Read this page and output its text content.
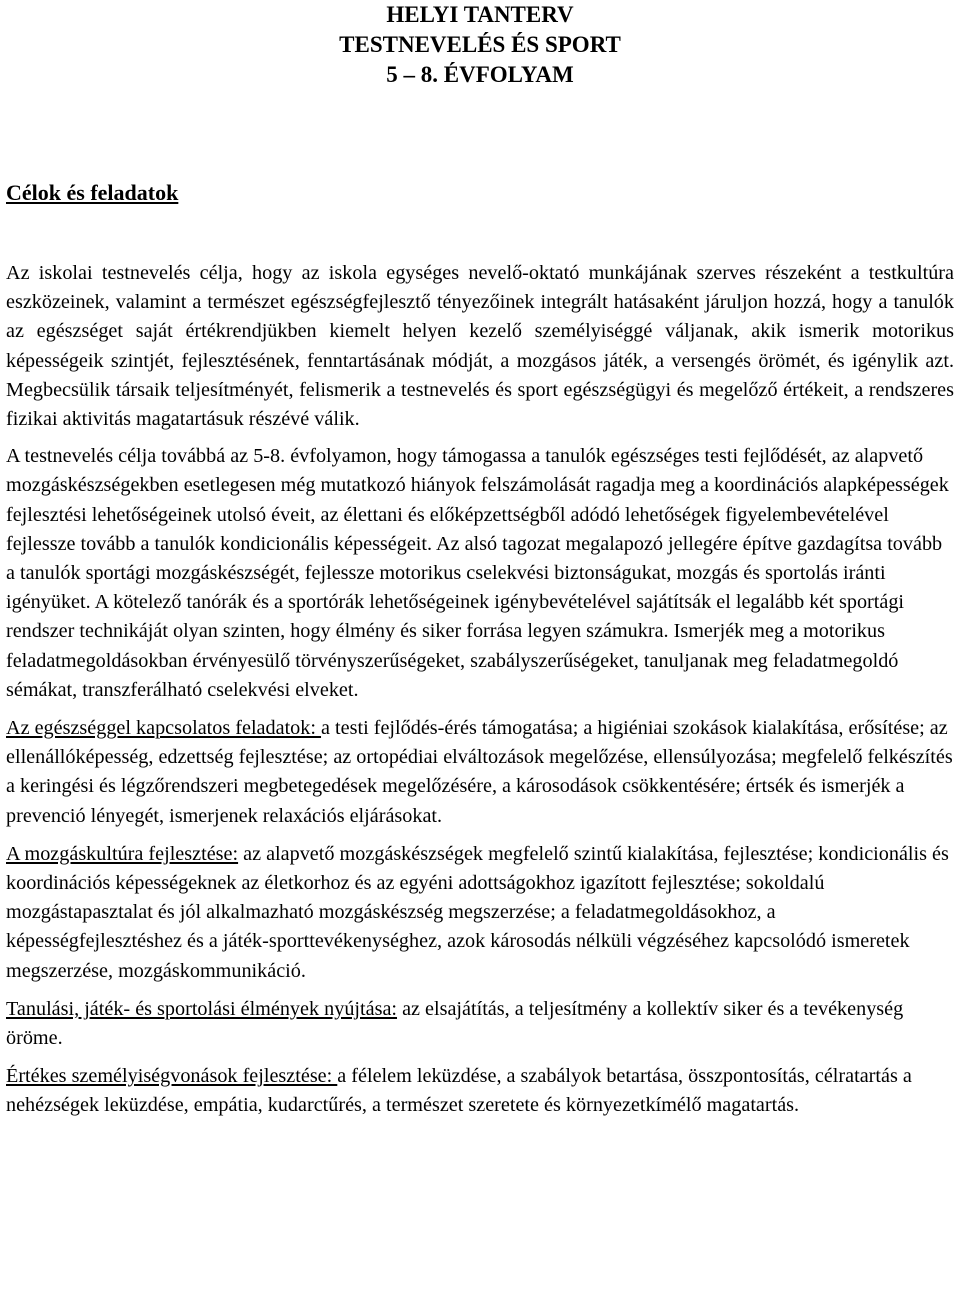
HELYI TANTERV
TESTNEVELÉS ÉS SPORT
5 – 8. ÉVFOLYAM
Célok és feladatok

Az iskolai testnevelés célja, hogy az iskola egységes nevelő-oktató munkájának szerves részeként a testkultúra eszközeinek, valamint a természet egészségfejlesztő tényezőinek integrált hatásaként járuljon hozzá, hogy a tanulók az egészséget saját értékrendjükben kiemelt helyen kezelő személyiséggé váljanak, akik ismerik motorikus képességeik szintjét, fejlesztésének, fenntartásának módját, a mozgásos játék, a versengés örömét, és igénylik azt. Megbecsülik társaik teljesítményét, felismerik a testnevelés és sport egészségügyi és megelőző értékeit, a rendszeres fizikai aktivitás magatartásuk részévé válik.

A testnevelés célja továbbá az 5-8. évfolyamon, hogy támogassa a tanulók egészséges testi fejlődését, az alapvető mozgáskészségekben esetlegesen még mutatkozó hiányok felszámolását ragadja meg a koordinációs alapképességek fejlesztési lehetőségeinek utolsó éveit, az élettani és előképzettségből adódó lehetőségek figyelembevételével fejlessze tovább a tanulók kondicionális képességeit. Az alsó tagozat megalapozó jellegére építve gazdagítsa tovább a tanulók sportági mozgáskészségét, fejlessze motorikus cselekvési biztonságukat, mozgás és sportolás iránti igényüket. A kötelező tanórák és a sportórák lehetőségeinek igénybevételével sajátítsák el legalább két sportági rendszer technikáját olyan szinten, hogy élmény és siker forrása legyen számukra. Ismerjék meg a motorikus feladatmegoldásokban érvényesülő törvényszerűségeket, szabályszerűségeket, tanuljanak meg feladatmegoldó sémákat, transzferálható cselekvési elveket.

Az egészséggel kapcsolatos feladatok: a testi fejlődés-érés támogatása; a higiéniai szokások kialakítása, erősítése; az ellenállóképesség, edzettség fejlesztése; az ortopédiai elváltozások megelőzése, ellensúlyozása; megfelelő felkészítés a keringési és légzőrendszeri megbetegedések megelőzésére, a károsodások csökkentésére; értsék és ismerjék a prevenció lényegét, ismerjenek relaxációs eljárásokat.

A mozgáskultúra fejlesztése: az alapvető mozgáskészségek megfelelő szintű kialakítása, fejlesztése; kondicionális és koordinációs képességeknek az életkorhoz és az egyéni adottságokhoz igazított fejlesztése; sokoldalú mozgástapasztalat és jól alkalmazható mozgáskészség megszerzése; a feladatmegoldásokhoz, a képességfejlesztéshez és a játék-sporttevékenységhez, azok károsodás nélküli végzéséhez kapcsolódó ismeretek megszerzése, mozgáskommunikáció.

Tanulási, játék- és sportolási élmények nyújtása: az elsajátítás, a teljesítmény a kollektív siker és a tevékenység öröme.

Értékes személyiségvonások fejlesztése: a félelem leküzdése, a szabályok betartása, összpontosítás, célratartás a nehézségek leküzdése, empátia, kudarctűrés, a természet szeretete és környezetkímélő magatartás.
